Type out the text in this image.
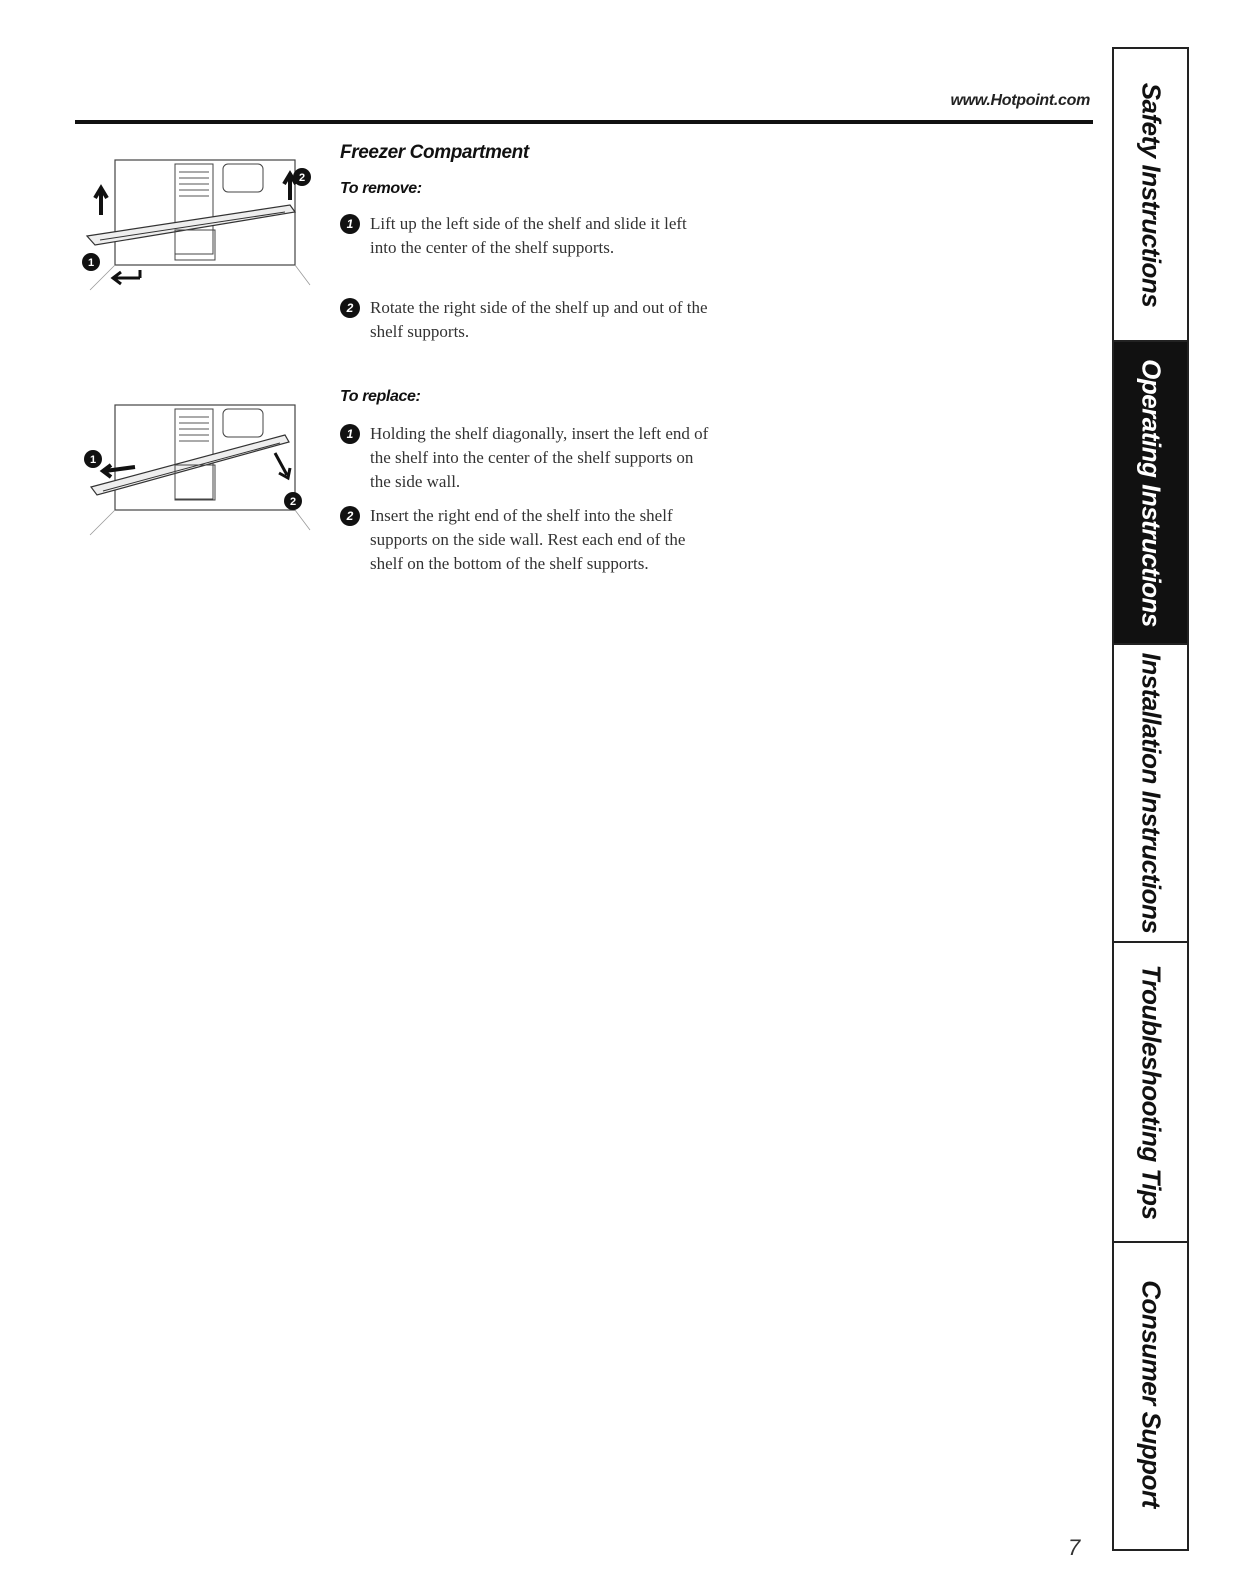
www.Hotpoint.com
1
2
1
2
Freezer Compartment
To remove:
1 Lift up the left side of the shelf and slide it left into the center of the shelf supports.
2 Rotate the right side of the shelf up and out of the shelf supports.
To replace:
1 Holding the shelf diagonally, insert the left end of the shelf into the center of the shelf supports on the side wall.
2 Insert the right end of the shelf into the shelf supports on the side wall. Rest each end of the shelf on the bottom of the shelf supports.
Safety Instructions
Operating Instructions
Installation Instructions
Troubleshooting Tips
Consumer Support
7
